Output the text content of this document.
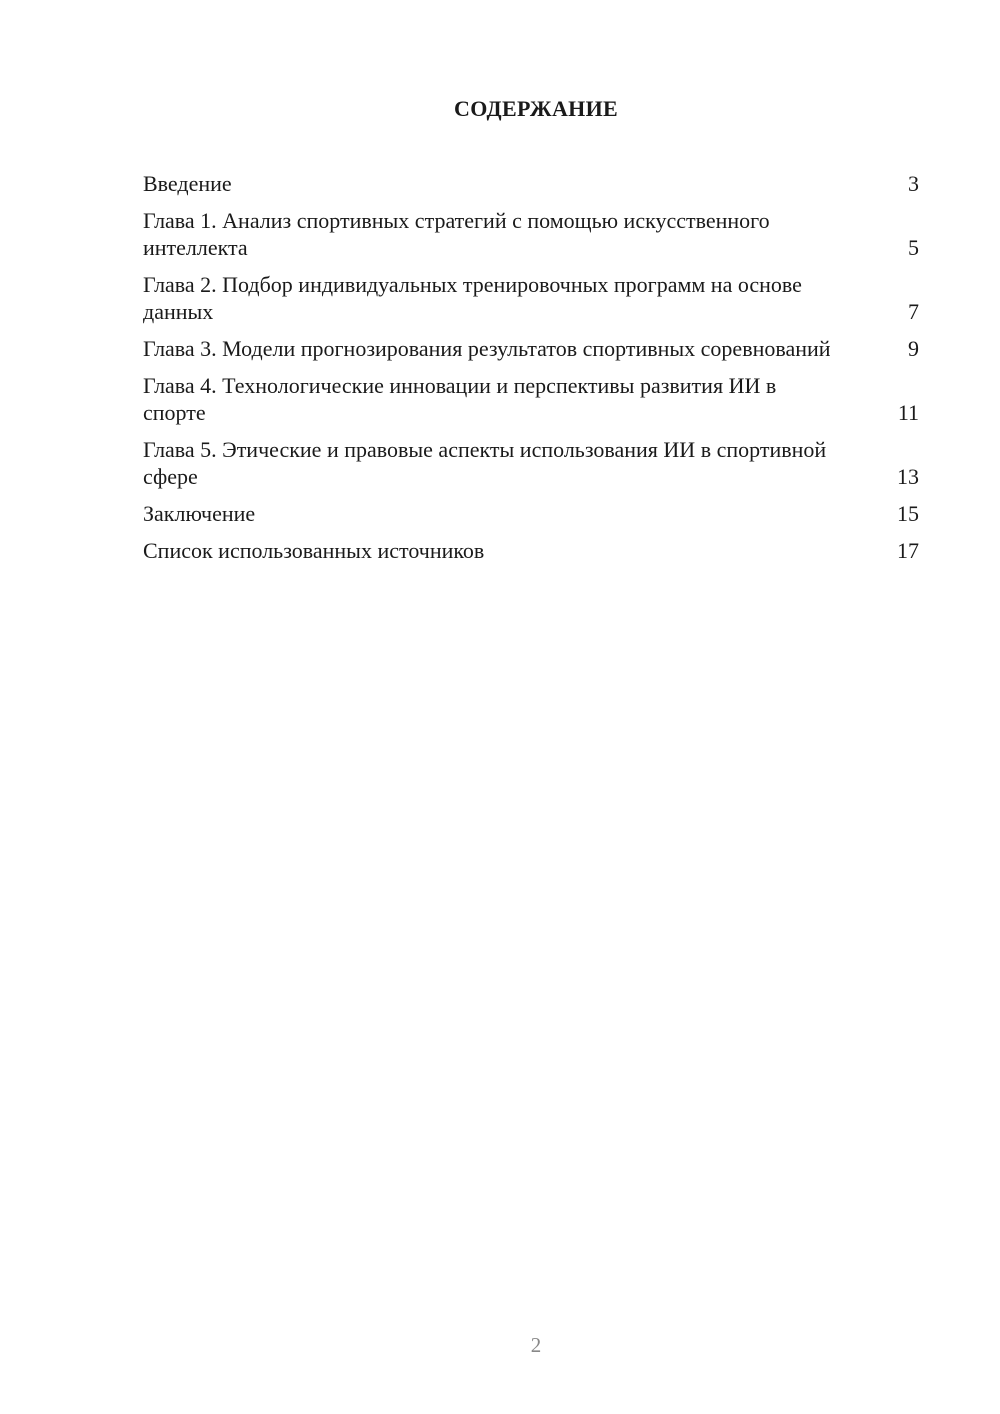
СОДЕРЖАНИЕ
Введение	3
Глава 1. Анализ спортивных стратегий с помощью искусственного интеллекта	5
Глава 2. Подбор индивидуальных тренировочных программ на основе данных	7
Глава 3. Модели прогнозирования результатов спортивных соревнований	9
Глава 4. Технологические инновации и перспективы развития ИИ в спорте	11
Глава 5. Этические и правовые аспекты использования ИИ в спортивной сфере	13
Заключение	15
Список использованных источников	17
2
